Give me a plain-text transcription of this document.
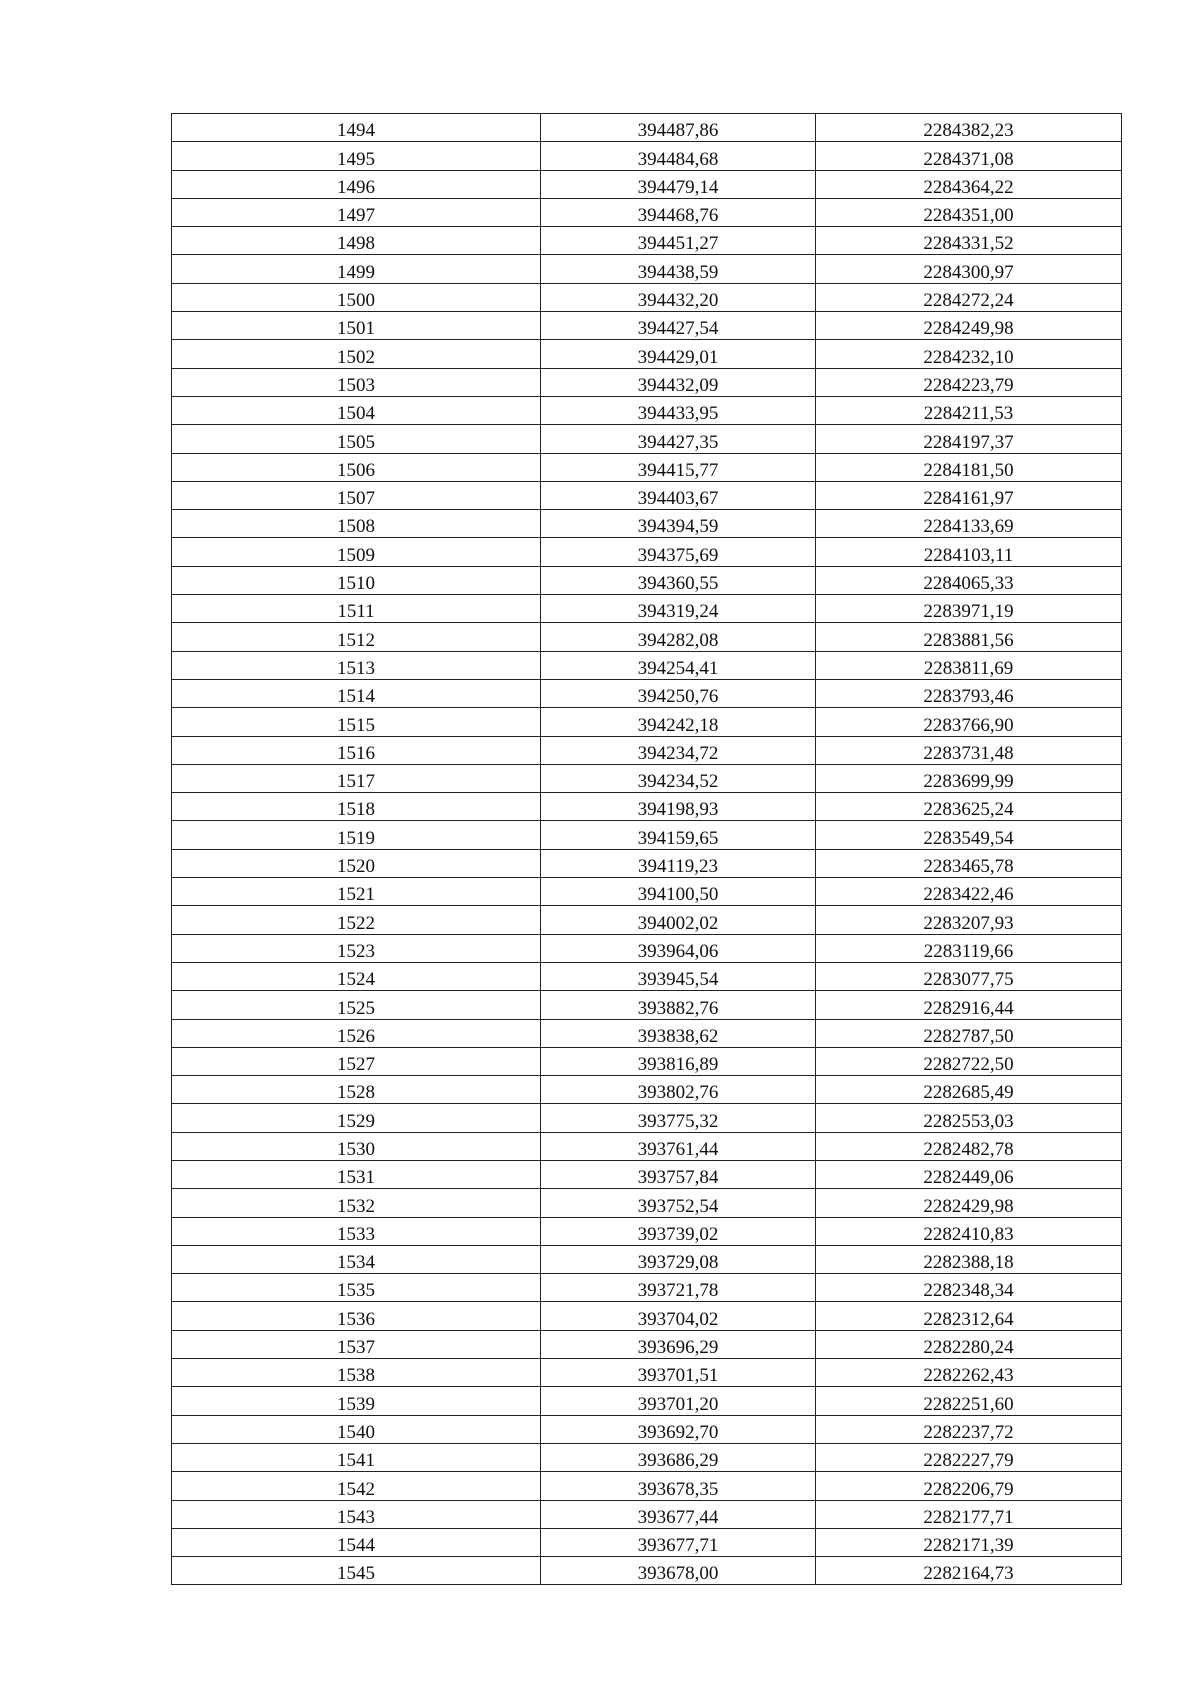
1494	394487,86	2284382,23
1495	394484,68	2284371,08
1496	394479,14	2284364,22
1497	394468,76	2284351,00
1498	394451,27	2284331,52
1499	394438,59	2284300,97
1500	394432,20	2284272,24
1501	394427,54	2284249,98
1502	394429,01	2284232,10
1503	394432,09	2284223,79
1504	394433,95	2284211,53
1505	394427,35	2284197,37
1506	394415,77	2284181,50
1507	394403,67	2284161,97
1508	394394,59	2284133,69
1509	394375,69	2284103,11
1510	394360,55	2284065,33
1511	394319,24	2283971,19
1512	394282,08	2283881,56
1513	394254,41	2283811,69
1514	394250,76	2283793,46
1515	394242,18	2283766,90
1516	394234,72	2283731,48
1517	394234,52	2283699,99
1518	394198,93	2283625,24
1519	394159,65	2283549,54
1520	394119,23	2283465,78
1521	394100,50	2283422,46
1522	394002,02	2283207,93
1523	393964,06	2283119,66
1524	393945,54	2283077,75
1525	393882,76	2282916,44
1526	393838,62	2282787,50
1527	393816,89	2282722,50
1528	393802,76	2282685,49
1529	393775,32	2282553,03
1530	393761,44	2282482,78
1531	393757,84	2282449,06
1532	393752,54	2282429,98
1533	393739,02	2282410,83
1534	393729,08	2282388,18
1535	393721,78	2282348,34
1536	393704,02	2282312,64
1537	393696,29	2282280,24
1538	393701,51	2282262,43
1539	393701,20	2282251,60
1540	393692,70	2282237,72
1541	393686,29	2282227,79
1542	393678,35	2282206,79
1543	393677,44	2282177,71
1544	393677,71	2282171,39
1545	393678,00	2282164,73
